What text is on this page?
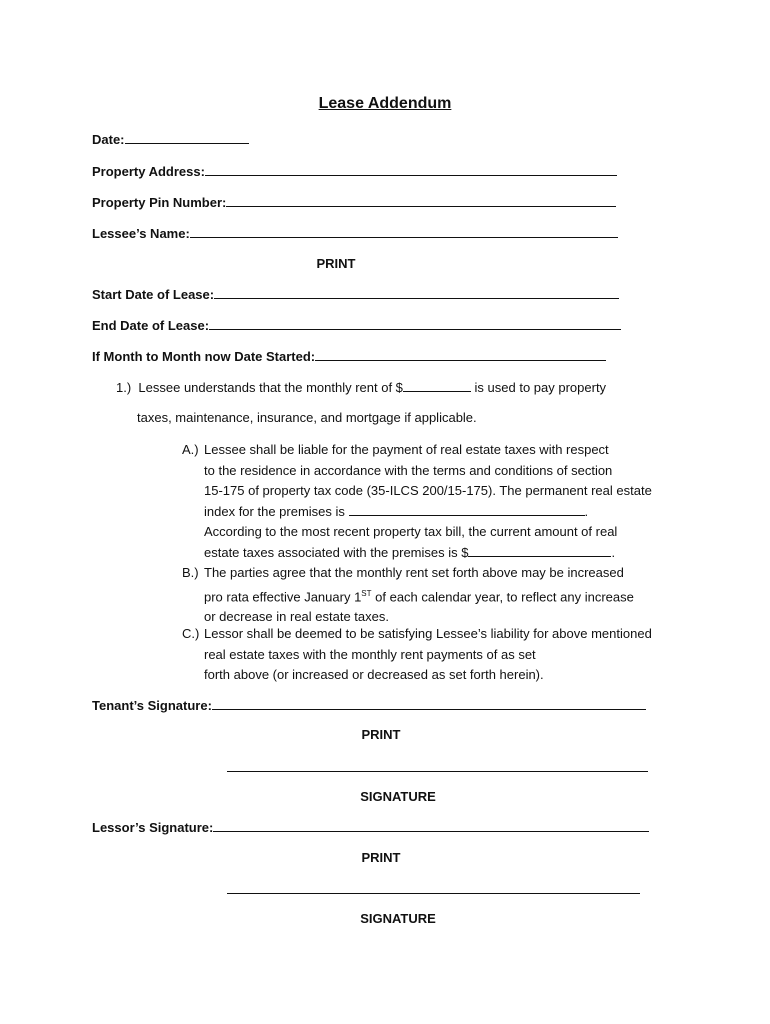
Lease Addendum
Date:
Property Address:
Property Pin Number:
Lessee’s Name:
PRINT
Start Date of Lease:
End Date of Lease:
If Month to Month now Date Started:
1.) Lessee understands that the monthly rent of $	is used to pay property
taxes, maintenance, insurance, and mortgage if applicable.
A.) Lessee shall be liable for the payment of real estate taxes with respect
to the residence in accordance with the terms and conditions of section
15-175 of property tax code (35-ILCS 200/15-175). The permanent real estate
index for the premises is	.
According to the most recent property tax bill, the current amount of real
estate taxes associated with the premises is $	.
B.) The parties agree that the monthly rent set forth above may be increased
pro rata effective January 1ST of each calendar year, to reflect any increase
or decrease in real estate taxes.
C.) Lessor shall be deemed to be satisfying Lessee’s liability for above mentioned
real estate taxes with the monthly rent payments of as set
forth above (or increased or decreased as set forth herein).
Tenant’s Signature:
PRINT
SIGNATURE
Lessor’s Signature:
PRINT
SIGNATURE
